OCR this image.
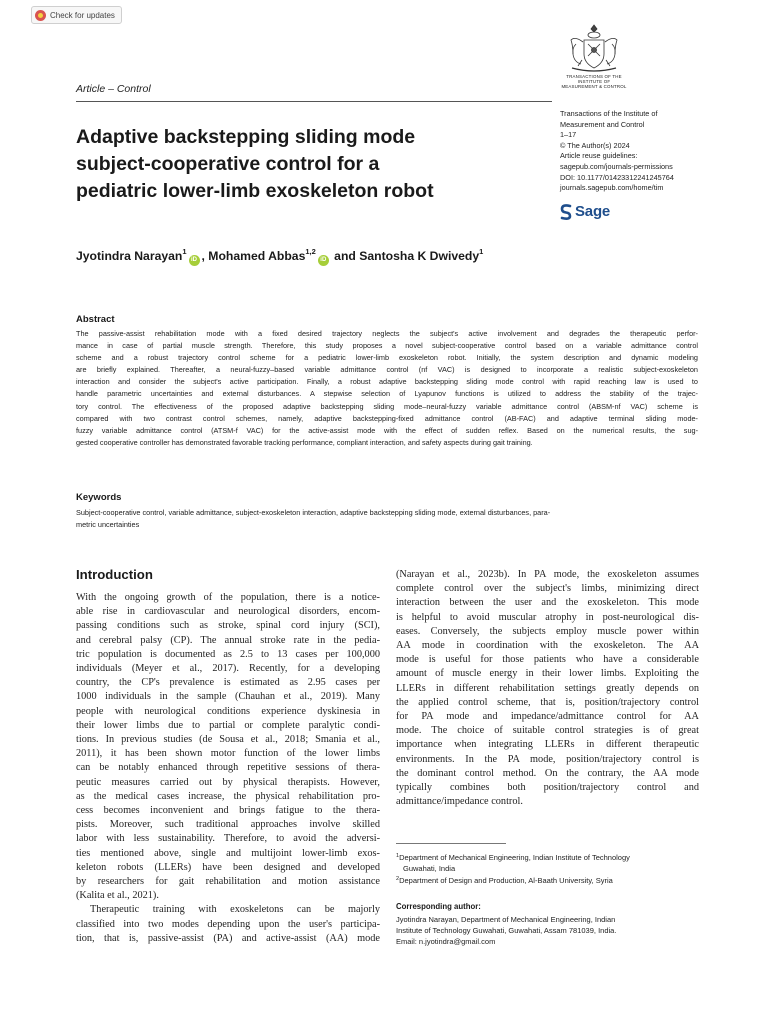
Check for updates
TRANSACTIONS OF THE
INSTITUTE OF
MEASUREMENT & CONTROL
Article – Control
Adaptive backstepping sliding mode
subject-cooperative control for a
pediatric lower-limb exoskeleton robot
Transactions of the Institute of
Measurement and Control
1–17
© The Author(s) 2024
Article reuse guidelines:
sagepub.com/journals-permissions
DOI: 10.1177/01423312241245764
journals.sagepub.com/home/tim
Sage
Jyotindra Narayan$^1$iD , Mohamed Abbas$^{1,2}$iD and Santosha K Dwivedy$^1$
Abstract
The passive-assist rehabilitation mode with a fixed desired trajectory neglects the subject's active involvement and degrades the therapeutic perfor-
mance in case of partial muscle strength. Therefore, this study proposes a novel subject-cooperative control based on a variable admittance control
scheme and a robust trajectory control scheme for a pediatric lower-limb exoskeleton robot. Initially, the system description and dynamic modeling
are briefly explained. Thereafter, a neural-fuzzy–based variable admittance control (nf VAC) is designed to incorporate a realistic subject-exoskeleton
interaction and consider the subject's active participation. Finally, a robust adaptive backstepping sliding mode control with rapid reaching law is used to
handle parametric uncertainties and external disturbances. A stepwise selection of Lyapunov functions is utilized to address the stability of the trajec-
tory control. The effectiveness of the proposed adaptive backstepping sliding mode–neural-fuzzy variable admittance control (ABSM-nf VAC) scheme is
compared with two contrast control schemes, namely, adaptive backstepping-fixed admittance control (AB-FAC) and adaptive terminal sliding mode-
fuzzy variable admittance control (ATSM-f VAC) for the active-assist mode with the effect of sudden reflex. Based on the numerical results, the sug-
gested cooperative controller has demonstrated favorable tracking performance, compliant interaction, and safety aspects during gait training.
Keywords
Subject-cooperative control, variable admittance, subject-exoskeleton interaction, adaptive backstepping sliding mode, external disturbances, para-
metric uncertainties
Introduction
With the ongoing growth of the population, there is a notice-
able rise in cardiovascular and neurological disorders, encom-
passing conditions such as stroke, spinal cord injury (SCI),
and cerebral palsy (CP). The annual stroke rate in the pedia-
tric population is documented as 2.5 to 13 cases per 100,000
individuals (Meyer et al., 2017). Recently, for a developing
country, the CP's prevalence is estimated as 2.95 cases per
1000 individuals in the sample (Chauhan et al., 2019). Many
people with neurological conditions experience dyskinesia in
their lower limbs due to partial or complete paralytic condi-
tions. In previous studies (de Sousa et al., 2018; Smania et al.,
2011), it has been shown motor function of the lower limbs
can be notably enhanced through repetitive sessions of thera-
peutic measures carried out by physical therapists. However,
as the medical cases increase, the physical rehabilitation pro-
cess becomes inconvenient and brings fatigue to the thera-
pists. Moreover, such traditional approaches involve skilled
labor with less sustainability. Therefore, to avoid the adversi-
ties mentioned above, single and multijoint lower-limb exos-
keleton robots (LLERs) have been designed and developed
by researchers for gait rehabilitation and motion assistance
(Kalita et al., 2021).
Therapeutic training with exoskeletons can be majorly
classified into two modes depending upon the user's participa-
tion, that is, passive-assist (PA) and active-assist (AA) mode
(Narayan et al., 2023b). In PA mode, the exoskeleton assumes
complete control over the subject's limbs, minimizing direct
interaction between the user and the exoskeleton. This mode
is helpful to avoid muscular atrophy in post-neurological dis-
eases. Conversely, the subjects employ muscle power within
AA mode in coordination with the exoskeleton. The AA
mode is useful for those patients who have a considerable
amount of muscle energy in their lower limbs. Exploiting the
LLERs in different rehabilitation settings greatly depends on
the applied control scheme, that is, position/trajectory control
for PA mode and impedance/admittance control for AA
mode. The choice of suitable control strategies is of great
importance when integrating LLERs in different therapeutic
environments. In the PA mode, position/trajectory control is
the dominant control method. On the contrary, the AA mode
typically combines both position/trajectory control and
admittance/impedance control.
$^1$Department of Mechanical Engineering, Indian Institute of Technology
Guwahati, India
$^2$Department of Design and Production, Al-Baath University, Syria
Corresponding author:
Jyotindra Narayan, Department of Mechanical Engineering, Indian
Institute of Technology Guwahati, Guwahati, Assam 781039, India.
Email: n.jyotindra@gmail.com
